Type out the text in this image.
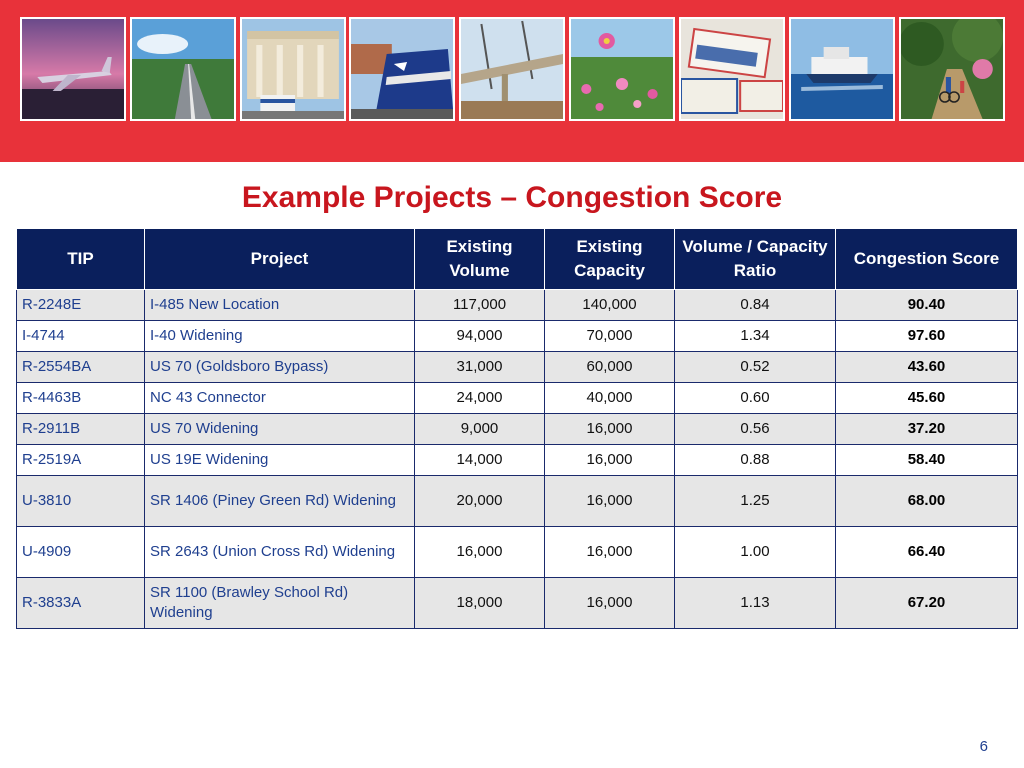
Example Projects – Congestion Score
TIP	Project	Existing Volume	Existing Capacity	Volume / Capacity Ratio	Congestion Score
R-2248E	I-485 New Location	117,000	140,000	0.84	90.40
I-4744	I-40 Widening	94,000	70,000	1.34	97.60
R-2554BA	US 70 (Goldsboro Bypass)	31,000	60,000	0.52	43.60
R-4463B	NC 43 Connector	24,000	40,000	0.60	45.60
R-2911B	US 70 Widening	9,000	16,000	0.56	37.20
R-2519A	US 19E Widening	14,000	16,000	0.88	58.40
U-3810	SR 1406 (Piney Green Rd) Widening	20,000	16,000	1.25	68.00
U-4909	SR 2643 (Union Cross Rd) Widening	16,000	16,000	1.00	66.40
R-3833A	SR 1100 (Brawley School Rd) Widening	18,000	16,000	1.13	67.20
6
